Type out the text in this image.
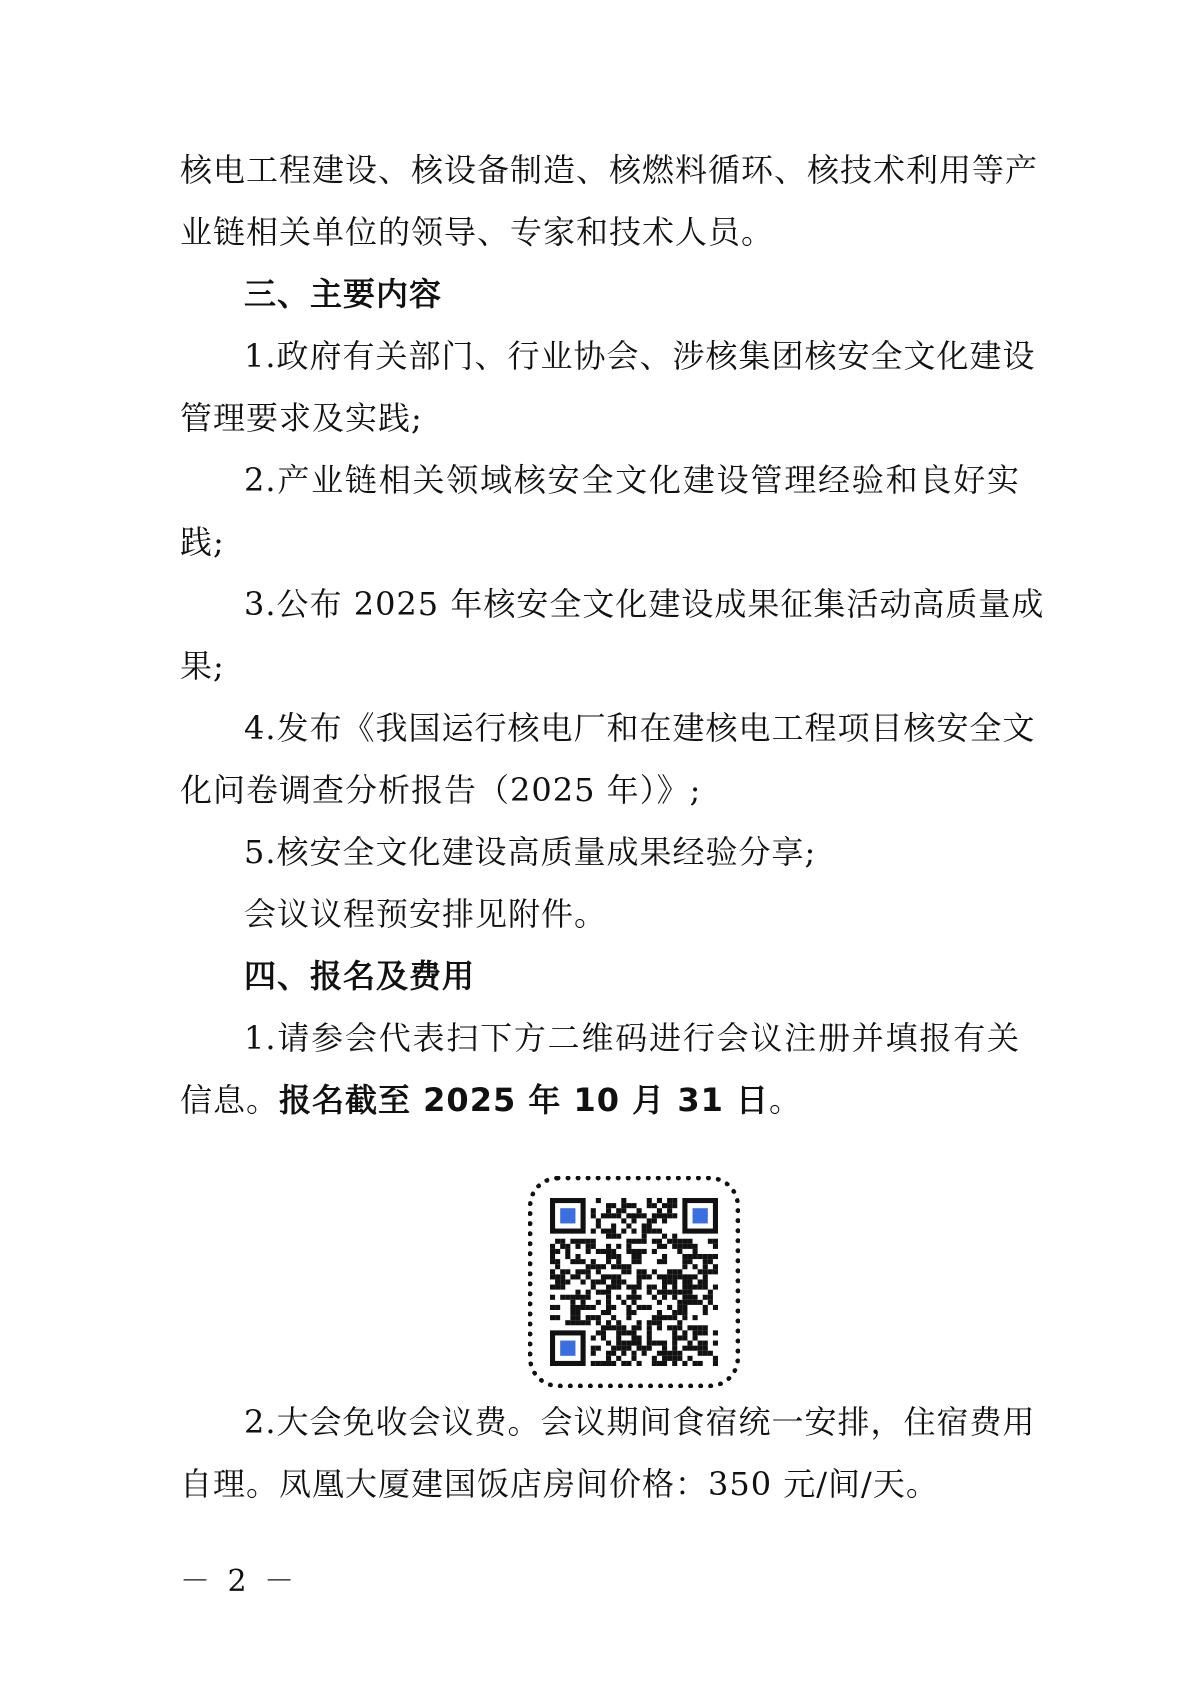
核电工程建设、核设备制造、核燃料循环、核技术利用等产
业链相关单位的领导、专家和技术人员。
三、主要内容
1.政府有关部门、行业协会、涉核集团核安全文化建设
管理要求及实践;
2.产业链相关领域核安全文化建设管理经验和良好实
践;
3.公布 2025 年核安全文化建设成果征集活动高质量成
果;
4.发布《我国运行核电厂和在建核电工程项目核安全文
化问卷调查分析报告（2025 年）》;
5.核安全文化建设高质量成果经验分享;
会议议程预安排见附件。
四、报名及费用
1.请参会代表扫下方二维码进行会议注册并填报有关
信息。报名截至 2025 年 10 月 31 日。
2.大会免收会议费。会议期间食宿统一安排，住宿费用
自理。凤凰大厦建国饭店房间价格：350 元/间/天。
－ 2 －
